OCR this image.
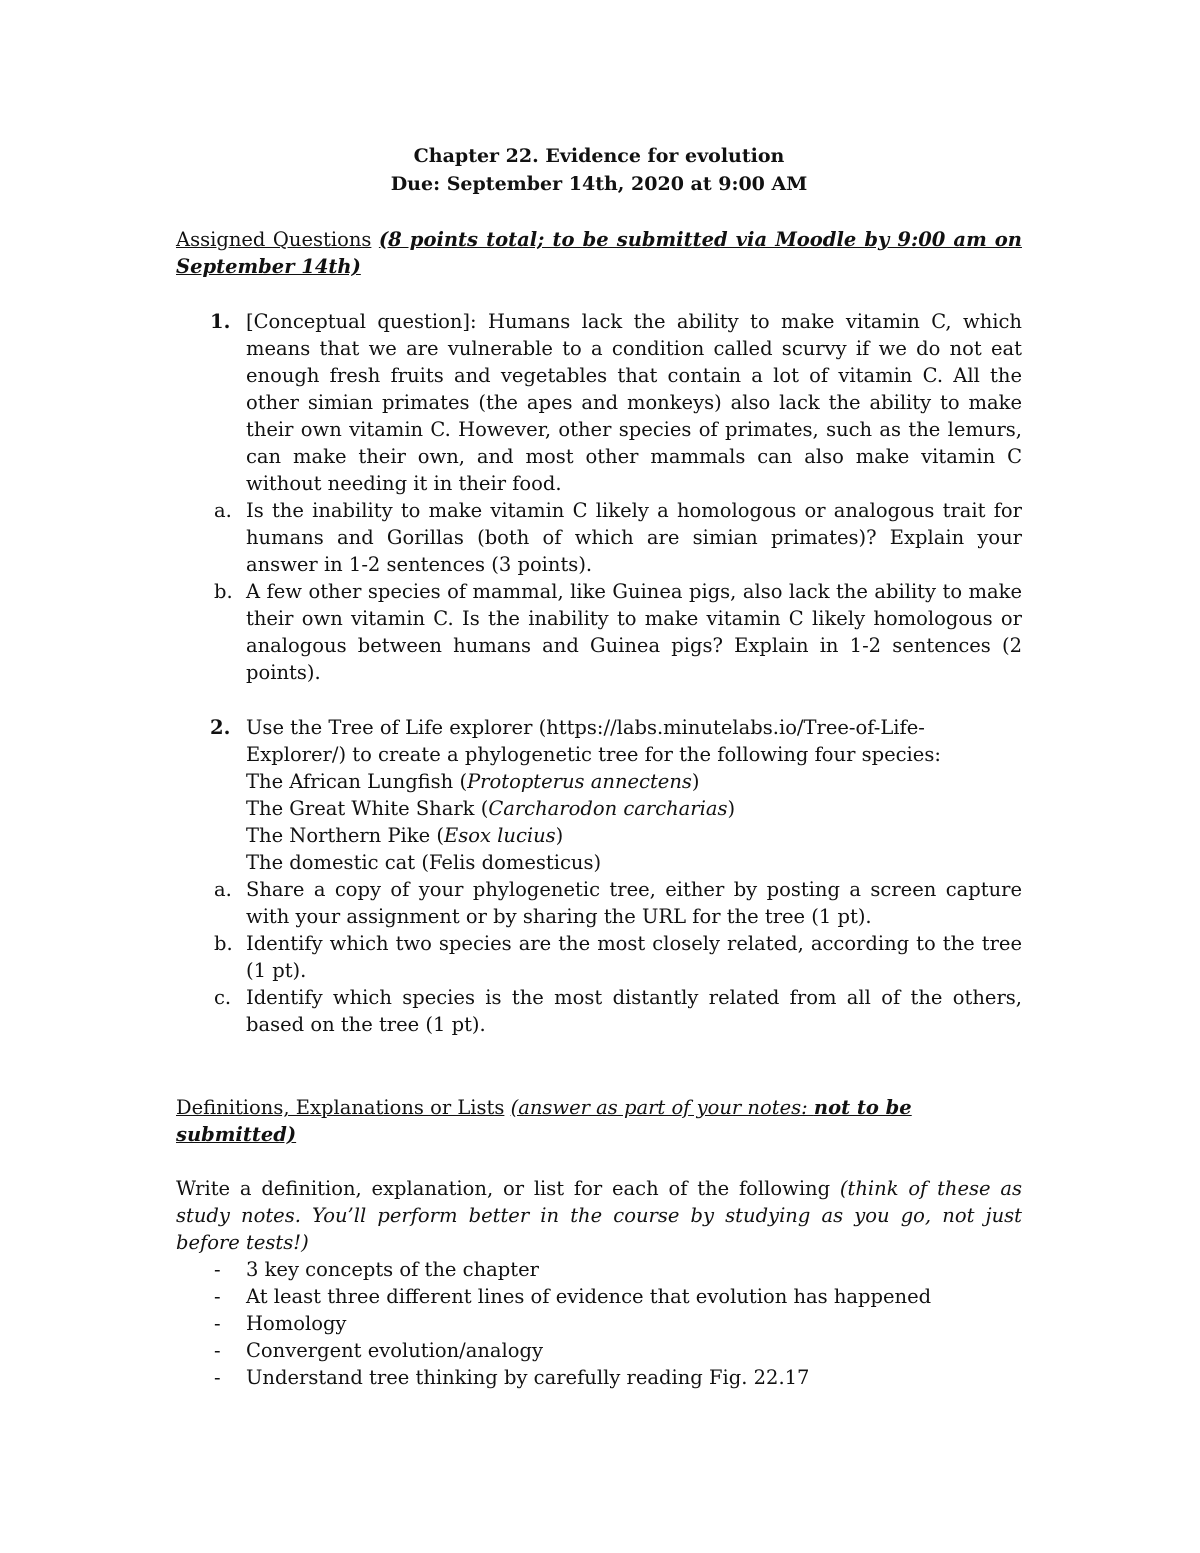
Chapter 22. Evidence for evolution
Due: September 14th, 2020 at 9:00 AM
Assigned Questions (8 points total; to be submitted via Moodle by 9:00 am on September 14th)
1. [Conceptual question]: Humans lack the ability to make vitamin C, which means that we are vulnerable to a condition called scurvy if we do not eat enough fresh fruits and vegetables that contain a lot of vitamin C. All the other simian primates (the apes and monkeys) also lack the ability to make their own vitamin C. However, other species of primates, such as the lemurs, can make their own, and most other mammals can also make vitamin C without needing it in their food.
a. Is the inability to make vitamin C likely a homologous or analogous trait for humans and Gorillas (both of which are simian primates)? Explain your answer in 1-2 sentences (3 points).
b. A few other species of mammal, like Guinea pigs, also lack the ability to make their own vitamin C. Is the inability to make vitamin C likely homologous or analogous between humans and Guinea pigs? Explain in 1-2 sentences (2 points).
2. Use the Tree of Life explorer (https://labs.minutelabs.io/Tree-of-Life-Explorer/) to create a phylogenetic tree for the following four species:
The African Lungfish (Protopterus annectens)
The Great White Shark (Carcharodon carcharias)
The Northern Pike (Esox lucius)
The domestic cat (Felis domesticus)
a. Share a copy of your phylogenetic tree, either by posting a screen capture with your assignment or by sharing the URL for the tree (1 pt).
b. Identify which two species are the most closely related, according to the tree (1 pt).
c. Identify which species is the most distantly related from all of the others, based on the tree (1 pt).
Definitions, Explanations or Lists (answer as part of your notes: not to be submitted)
Write a definition, explanation, or list for each of the following (think of these as study notes. You’ll perform better in the course by studying as you go, not just before tests!)
- 3 key concepts of the chapter
- At least three different lines of evidence that evolution has happened
- Homology
- Convergent evolution/analogy
- Understand tree thinking by carefully reading Fig. 22.17
